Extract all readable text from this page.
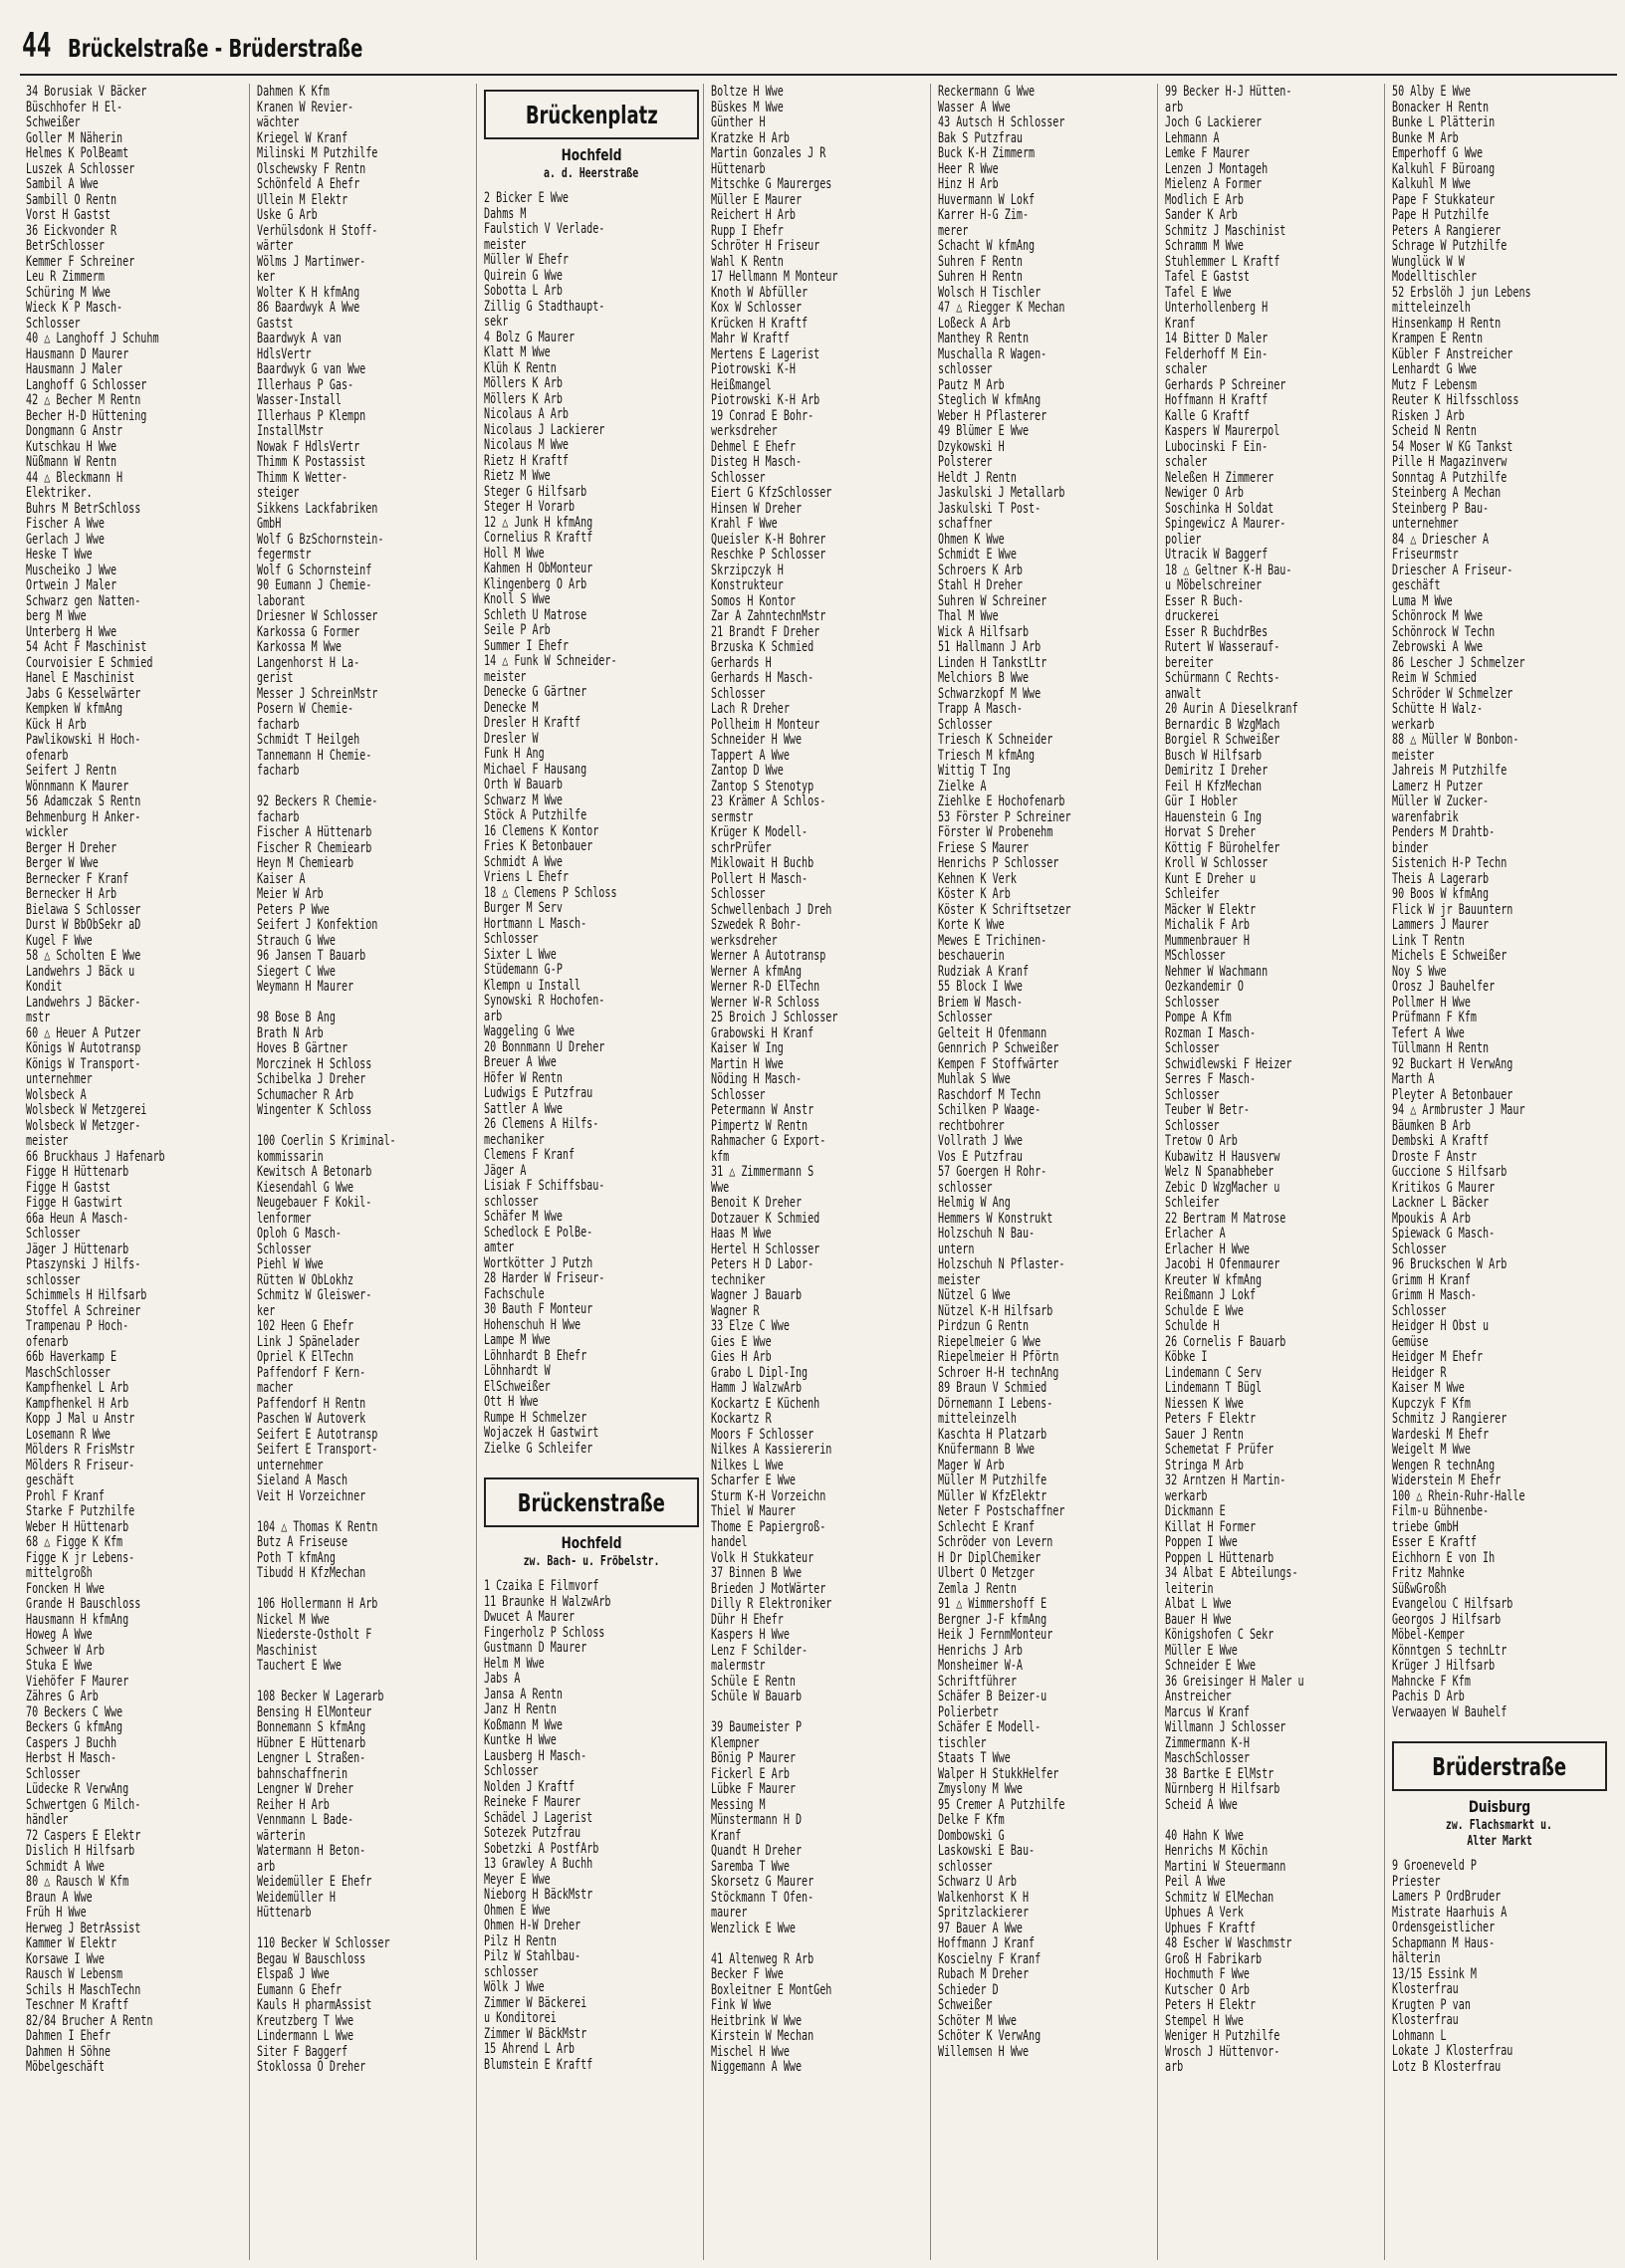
44 Brückelstraße - Brüderstraße
34 Borusiak V Bäcker
Büschhofer H El-
Schweißer
Goller M Näherin
Helmes K PolBeamt
Luszek A Schlosser
Sambil A Wwe
Sambill O Rentn
Vorst H Gastst
36 Eickvonder R
BetrSchlosser
Kemmer F Schreiner
Leu R Zimmerm
Schüring M Wwe
Wieck K P Masch-
Schlosser
40 △ Langhoff J Schuhm
Hausmann D Maurer
Hausmann J Maler
Langhoff G Schlosser
42 △ Becher M Rentn
Becher H-D Hüttening
Dongmann G Anstr
Kutschkau H Wwe
Nüßmann W Rentn
44 △ Bleckmann H
Elektriker.
Buhrs M BetrSchloss
Fischer A Wwe
Gerlach J Wwe
Heske T Wwe
Muscheiko J Wwe
Ortwein J Maler
Schwarz gen Natten-
berg M Wwe
Unterberg H Wwe
54 Acht F Maschinist
Courvoisier E Schmied
Hanel E Maschinist
Jabs G Kesselwärter
Kempken W kfmAng
Kück H Arb
Pawlikowski H Hoch-
ofenarb
Seifert J Rentn
Wönnmann K Maurer
56 Adamczak S Rentn
Behmenburg H Anker-
wickler
Berger H Dreher
Berger W Wwe
Bernecker F Kranf
Bernecker H Arb
Bielawa S Schlosser
Durst W BbObSekr aD
Kugel F Wwe
58 △ Scholten E Wwe
Landwehrs J Bäck u
Kondit
Landwehrs J Bäcker-
mstr
60 △ Heuer A Putzer
Königs W Autotransp
Königs W Transport-
unternehmer
Wolsbeck A
Wolsbeck W Metzgerei
Wolsbeck W Metzger-
meister
66 Bruckhaus J Hafenarb
Figge H Hüttenarb
Figge H Gastst
Figge H Gastwirt
66a Heun A Masch-
Schlosser
Jäger J Hüttenarb
Ptaszynski J Hilfs-
schlosser
Schimmels H Hilfsarb
Stoffel A Schreiner
Trampenau P Hoch-
ofenarb
66b Haverkamp E
MaschSchlosser
Kampfhenkel L Arb
Kampfhenkel H Arb
Kopp J Mal u Anstr
Losemann R Wwe
Mölders R FrisMstr
Mölders R Friseur-
geschäft
Prohl F Kranf
Starke F Putzhilfe
Weber H Hüttenarb
68 △ Figge K Kfm
Figge K jr Lebens-
mittelgroßh
Foncken H Wwe
Grande H Bauschloss
Hausmann H kfmAng
Howeg A Wwe
Schweer W Arb
Stuka E Wwe
Viehöfer F Maurer
Zähres G Arb
70 Beckers C Wwe
Beckers G kfmAng
Caspers J Buchh
Herbst H Masch-
Schlosser
Lüdecke R VerwAng
Schwertgen G Milch-
händler
72 Caspers E Elektr
Dislich H Hilfsarb
Schmidt A Wwe
80 △ Rausch W Kfm
Braun A Wwe
Früh H Wwe
Herweg J BetrAssist
Kammer W Elektr
Korsawe I Wwe
Rausch W Lebensm
Schils H MaschTechn
Teschner M Kraftf
82/84 Brucher A Rentn
Dahmen I Ehefr
Dahmen H Söhne
Möbelgeschäft
Dahmen K Kfm
Kranen W Revier-
wächter
Kriegel W Kranf
Milinski M Putzhilfe
Olschewsky F Rentn
Schönfeld A Ehefr
Ullein M Elektr
Uske G Arb
Verhülsdonk H Stoff-
wärter
Wölms J Martinwer-
ker
Wolter K H kfmAng
86 Baardwyk A Wwe
Gastst
Baardwyk A van
HdlsVertr
Baardwyk G van Wwe
Illerhaus P Gas-
Wasser-Install
Illerhaus P Klempn
InstallMstr
Nowak F HdlsVertr
Thimm K Postassist
Thimm K Wetter-
steiger
Sikkens Lackfabriken
GmbH
Wolf G BzSchornstein-
fegermstr
Wolf G Schornsteinf
90 Eumann J Chemie-
laborant
Driesner W Schlosser
Karkossa G Former
Karkossa M Wwe
Langenhorst H La-
gerist
Messer J SchreinMstr
Posern W Chemie-
facharb
Schmidt T Heilgeh
Tannemann H Chemie-
facharb
92 Beckers R Chemie-
facharb
Fischer A Hüttenarb
Fischer R Chemiearb
Heyn M Chemiearb
Kaiser A
Meier W Arb
Peters P Wwe
Seifert J Konfektion
Strauch G Wwe
96 Jansen T Bauarb
Siegert C Wwe
Weymann H Maurer
98 Bose B Ang
Brath N Arb
Hoves B Gärtner
Morczinek H Schloss
Schibelka J Dreher
Schumacher R Arb
Wingenter K Schloss
100 Coerlin S Kriminal-
kommissarin
Kewitsch A Betonarb
Kiesendahl G Wwe
Neugebauer F Kokil-
lenformer
Oploh G Masch-
Schlosser
Piehl W Wwe
Rütten W ObLokhz
Schmitz W Gleiswer-
ker
102 Heen G Ehefr
Link J Spänelader
Opriel K ElTechn
Paffendorf F Kern-
macher
Paffendorf H Rentn
Paschen W Autoverk
Seifert E Autotransp
Seifert E Transport-
unternehmer
Sieland A Masch
Veit H Vorzeichner
104 △ Thomas K Rentn
Butz A Friseuse
Poth T kfmAng
Tibudd H KfzMechan
106 Hollermann H Arb
Nickel M Wwe
Niederste-Ostholt F
Maschinist
Tauchert E Wwe
108 Becker W Lagerarb
Bensing H ElMonteur
Bonnemann S kfmAng
Hübner E Hüttenarb
Lengner L Straßen-
bahnschaffnerin
Lengner W Dreher
Reiher H Arb
Vennmann L Bade-
wärterin
Watermann H Beton-
arb
Weidemüller E Ehefr
Weidemüller H
Hüttenarb
110 Becker W Schlosser
Begau W Bauschloss
Elspaß J Wwe
Eumann G Ehefr
Kauls H pharmAssist
Kreutzberg T Wwe
Lindermann L Wwe
Siter F Baggerf
Stoklossa O Dreher
Brückenplatz
Hochfeld
a. d. Heerstraße
2 Bicker E Wwe
Dahms M
Faulstich V Verlade-
meister
Müller W Ehefr
Quirein G Wwe
Sobotta L Arb
Zillig G Stadthaupt-
sekr
4 Bolz G Maurer
Klatt M Wwe
Klüh K Rentn
Möllers K Arb
Möllers K Arb
Nicolaus A Arb
Nicolaus J Lackierer
Nicolaus M Wwe
Rietz H Kraftf
Rietz M Wwe
Steger G Hilfsarb
Steger H Vorarb
12 △ Junk H kfmAng
Cornelius R Kraftf
Holl M Wwe
Kahmen H ObMonteur
Klingenberg O Arb
Knoll S Wwe
Schleth U Matrose
Seile P Arb
Summer I Ehefr
14 △ Funk W Schneider-
meister
Denecke G Gärtner
Denecke M
Dresler H Kraftf
Dresler W
Funk H Ang
Michael F Hausang
Orth W Bauarb
Schwarz M Wwe
Stöck A Putzhilfe
16 Clemens K Kontor
Fries K Betonbauer
Schmidt A Wwe
Vriens L Ehefr
18 △ Clemens P Schloss
Burger M Serv
Hortmann L Masch-
Schlosser
Sixter L Wwe
Stüdemann G-P
Klempn u Install
Synowski R Hochofen-
arb
Waggeling G Wwe
20 Bonnmann U Dreher
Breuer A Wwe
Höfer W Rentn
Ludwigs E Putzfrau
Sattler A Wwe
26 Clemens A Hilfs-
mechaniker
Clemens F Kranf
Jäger A
Lisiak F Schiffsbau-
schlosser
Schäfer M Wwe
Schedlock E PolBe-
amter
Wortkötter J Putzh
28 Harder W Friseur-
Fachschule
30 Bauth F Monteur
Hohenschuh H Wwe
Lampe M Wwe
Löhnhardt B Ehefr
Löhnhardt W
ElSchweißer
Ott H Wwe
Rumpe H Schmelzer
Wojaczek H Gastwirt
Zielke G Schleifer
Brückenstraße
Hochfeld
zw. Bach- u. Fröbelstr.
1 Czaika E Filmvorf
11 Braunke H WalzwArb
Dwucet A Maurer
Fingerholz P Schloss
Gustmann D Maurer
Helm M Wwe
Jabs A
Jansa A Rentn
Janz H Rentn
Koßmann M Wwe
Kuntke H Wwe
Lausberg H Masch-
Schlosser
Nolden J Kraftf
Reineke F Maurer
Schädel J Lagerist
Sotezek Putzfrau
Sobetzki A PostfArb
13 Grawley A Buchh
Meyer E Wwe
Nieborg H BäckMstr
Ohmen E Wwe
Ohmen H-W Dreher
Pilz H Rentn
Pilz W Stahlbau-
schlosser
Wölk J Wwe
Zimmer W Bäckerei
u Konditorei
Zimmer W BäckMstr
15 Ahrend L Arb
Blumstein E Kraftf
Boltze H Wwe
Büskes M Wwe
Günther H
Kratzke H Arb
Martin Gonzales J R
Hüttenarb
Mitschke G Maurerges
Müller E Maurer
Reichert H Arb
Rupp I Ehefr
Schröter H Friseur
Wahl K Rentn
17 Hellmann M Monteur
Knoth W Abfüller
Kox W Schlosser
Krücken H Kraftf
Mahr W Kraftf
Mertens E Lagerist
Piotrowski K-H
Heißmangel
Piotrowski K-H Arb
19 Conrad E Bohr-
werksdreher
Dehmel E Ehefr
Disteg H Masch-
Schlosser
Eiert G KfzSchlosser
Hinsen W Dreher
Krahl F Wwe
Queisler K-H Bohrer
Reschke P Schlosser
Skrzipczyk H
Konstrukteur
Somos H Kontor
Zar A ZahntechnMstr
21 Brandt F Dreher
Brzuska K Schmied
Gerhards H
Gerhards H Masch-
Schlosser
Lach R Dreher
Pollheim H Monteur
Schneider H Wwe
Tappert A Wwe
Zantop D Wwe
Zantop S Stenotyp
23 Krämer A Schlos-
sermstr
Krüger K Modell-
schrPrüfer
Miklowait H Buchb
Pollert H Masch-
Schlosser
Schwellenbach J Dreh
Szwedek R Bohr-
werksdreher
Werner A Autotransp
Werner A kfmAng
Werner R-D ElTechn
Werner W-R Schloss
25 Broich J Schlosser
Grabowski H Kranf
Kaiser W Ing
Martin H Wwe
Nöding H Masch-
Schlosser
Petermann W Anstr
Pimpertz W Rentn
Rahmacher G Export-
kfm
31 △ Zimmermann S
Wwe
Benoit K Dreher
Dotzauer K Schmied
Haas M Wwe
Hertel H Schlosser
Peters H D Labor-
techniker
Wagner J Bauarb
Wagner R
33 Elze C Wwe
Gies E Wwe
Gies H Arb
Grabo L Dipl-Ing
Hamm J WalzwArb
Kockartz E Küchenh
Kockartz R
Moors F Schlosser
Nilkes A Kassiererin
Nilkes L Wwe
Scharfer E Wwe
Sturm K-H Vorzeichn
Thiel W Maurer
Thome E Papiergroß-
handel
Volk H Stukkateur
37 Binnen B Wwe
Brieden J MotWärter
Dilly R Elektroniker
Dühr H Ehefr
Kaspers H Wwe
Lenz F Schilder-
malermstr
Schüle E Rentn
Schüle W Bauarb
39 Baumeister P
Klempner
Bönig P Maurer
Fickerl E Arb
Lübke F Maurer
Messing M
Münstermann H D
Kranf
Quandt H Dreher
Saremba T Wwe
Skorsetz G Maurer
Stöckmann T Ofen-
maurer
Wenzlick E Wwe
41 Altenweg R Arb
Becker F Wwe
Boxleitner E MontGeh
Fink W Wwe
Heitbrink W Wwe
Kirstein W Mechan
Mischel H Wwe
Niggemann A Wwe
Reckermann G Wwe
Wasser A Wwe
43 Autsch H Schlosser
Bak S Putzfrau
Buck K-H Zimmerm
Heer R Wwe
Hinz H Arb
Huvermann W Lokf
Karrer H-G Zim-
merer
Schacht W kfmAng
Suhren F Rentn
Suhren H Rentn
Wolsch H Tischler
47 △ Riegger K Mechan
Loßeck A Arb
Manthey R Rentn
Muschalla R Wagen-
schlosser
Pautz M Arb
Steglich W kfmAng
Weber H Pflasterer
49 Blümer E Wwe
Dzykowski H
Polsterer
Heldt J Rentn
Jaskulski J Metallarb
Jaskulski T Post-
schaffner
Ohmen K Wwe
Schmidt E Wwe
Schroers K Arb
Stahl H Dreher
Suhren W Schreiner
Thal M Wwe
Wick A Hilfsarb
51 Hallmann J Arb
Linden H TankstLtr
Melchiors B Wwe
Schwarzkopf M Wwe
Trapp A Masch-
Schlosser
Triesch K Schneider
Triesch M kfmAng
Wittig T Ing
Zielke A
Ziehlke E Hochofenarb
53 Förster P Schreiner
Förster W Probenehm
Friese S Maurer
Henrichs P Schlosser
Kehnen K Verk
Köster K Arb
Köster K Schriftsetzer
Korte K Wwe
Mewes E Trichinen-
beschauerin
Rudziak A Kranf
55 Block I Wwe
Briem W Masch-
Schlosser
Gelteit H Ofenmann
Gennrich P Schweißer
Kempen F Stoffwärter
Muhlak S Wwe
Raschdorf M Techn
Schilken P Waage-
rechtbohrer
Vollrath J Wwe
Vos E Putzfrau
57 Goergen H Rohr-
schlosser
Helmig W Ang
Hemmers W Konstrukt
Holzschuh N Bau-
untern
Holzschuh N Pflaster-
meister
Nützel G Wwe
Nützel K-H Hilfsarb
Pirdzun G Rentn
Riepelmeier G Wwe
Riepelmeier H Pförtn
Schroer H-H technAng
89 Braun V Schmied
Dörnemann I Lebens-
mitteleinzelh
Kaschta H Platzarb
Knüfermann B Wwe
Mager W Arb
Müller M Putzhilfe
Müller W KfzElektr
Neter F Postschaffner
Schlecht E Kranf
Schröder von Levern
H Dr DiplChemiker
Ulbert O Metzger
Zemla J Rentn
91 △ Wimmershoff E
Bergner J-F kfmAng
Heik J FernmMonteur
Henrichs J Arb
Monsheimer W-A
Schriftführer
Schäfer B Beizer-u
Polierbetr
Schäfer E Modell-
tischler
Staats T Wwe
Walper H StukkHelfer
Zmyslony M Wwe
95 Cremer A Putzhilfe
Delke F Kfm
Dombowski G
Laskowski E Bau-
schlosser
Schwarz U Arb
Walkenhorst K H
Spritzlackierer
97 Bauer A Wwe
Hoffmann J Kranf
Koscielny F Kranf
Rubach M Dreher
Schieder D
Schweißer
Schöter M Wwe
Schöter K VerwAng
Willemsen H Wwe
99 Becker H-J Hütten-
arb
Joch G Lackierer
Lehmann A
Lemke F Maurer
Lenzen J Montageh
Mielenz A Former
Modlich E Arb
Sander K Arb
Schmitz J Maschinist
Schramm M Wwe
Stuhlemmer L Kraftf
Tafel E Gastst
Tafel E Wwe
Unterhollenberg H
Kranf
14 Bitter D Maler
Felderhoff M Ein-
schaler
Gerhards P Schreiner
Hoffmann H Kraftf
Kalle G Kraftf
Kaspers W Maurerpol
Lubocinski F Ein-
schaler
Neleßen H Zimmerer
Newiger O Arb
Soschinka H Soldat
Spingewicz A Maurer-
polier
Utracik W Baggerf
18 △ Geltner K-H Bau-
u Möbelschreiner
Esser R Buch-
druckerei
Esser R BuchdrBes
Rutert W Wasserauf-
bereiter
Schürmann C Rechts-
anwalt
20 Aurin A Dieselkranf
Bernardic B WzgMach
Borgiel R Schweißer
Busch W Hilfsarb
Demiritz I Dreher
Feil H KfzMechan
Gür I Hobler
Hauenstein G Ing
Horvat S Dreher
Köttig F Bürohelfer
Kroll W Schlosser
Kunt E Dreher u
Schleifer
Mäcker W Elektr
Michalik F Arb
Mummenbrauer H
MSchlosser
Nehmer W Wachmann
Oezkandemir O
Schlosser
Pompe A Kfm
Rozman I Masch-
Schlosser
Schwidlewski F Heizer
Serres F Masch-
Schlosser
Teuber W Betr-
Schlosser
Tretow O Arb
Kubawitz H Hausverw
Welz N Spanabheber
Zebic D WzgMacher u
Schleifer
22 Bertram M Matrose
Erlacher A
Erlacher H Wwe
Jacobi H Ofenmaurer
Kreuter W kfmAng
Reißmann J Lokf
Schulde E Wwe
Schulde H
26 Cornelis F Bauarb
Köbke I
Lindemann C Serv
Lindemann T Bügl
Niessen K Wwe
Peters F Elektr
Sauer J Rentn
Schemetat F Prüfer
Stringa M Arb
32 Arntzen H Martin-
werkarb
Dickmann E
Killat H Former
Poppen I Wwe
Poppen L Hüttenarb
34 Albat E Abteilungs-
leiterin
Albat L Wwe
Bauer H Wwe
Königshofen C Sekr
Müller E Wwe
Schneider E Wwe
36 Greisinger H Maler u
Anstreicher
Marcus W Kranf
Willmann J Schlosser
Zimmermann K-H
MaschSchlosser
38 Bartke E ElMstr
Nürnberg H Hilfsarb
Scheid A Wwe
40 Hahn K Wwe
Henrichs M Köchin
Martini W Steuermann
Peil A Wwe
Schmitz W ElMechan
Uphues A Verk
Uphues F Kraftf
48 Escher W Waschmstr
Groß H Fabrikarb
Hochmuth F Wwe
Kutscher O Arb
Peters H Elektr
Stempel H Wwe
Weniger H Putzhilfe
Wrosch J Hüttenvor-
arb
50 Alby E Wwe
Bonacker H Rentn
Bunke L Plätterin
Bunke M Arb
Emperhoff G Wwe
Kalkuhl F Büroang
Kalkuhl M Wwe
Pape F Stukkateur
Pape H Putzhilfe
Peters A Rangierer
Schrage W Putzhilfe
Wunglück W W
Modelltischler
52 Erbslöh J jun Lebens
mitteleinzelh
Hinsenkamp H Rentn
Krampen E Rentn
Kübler F Anstreicher
Lenhardt G Wwe
Mutz F Lebensm
Reuter K Hilfsschloss
Risken J Arb
Scheid N Rentn
54 Moser W KG Tankst
Pille H Magazinverw
Sonntag A Putzhilfe
Steinberg A Mechan
Steinberg P Bau-
unternehmer
84 △ Driescher A
Friseurmstr
Driescher A Friseur-
geschäft
Luma M Wwe
Schönrock M Wwe
Schönrock W Techn
Zebrowski A Wwe
86 Lescher J Schmelzer
Reim W Schmied
Schröder W Schmelzer
Schütte H Walz-
werkarb
88 △ Müller W Bonbon-
meister
Jahreis M Putzhilfe
Lamerz H Putzer
Müller W Zucker-
warenfabrik
Penders M Drahtb-
binder
Sistenich H-P Techn
Theis A Lagerarb
90 Boos W kfmAng
Flick W jr Bauuntern
Lammers J Maurer
Link T Rentn
Michels E Schweißer
Noy S Wwe
Orosz J Bauhelfer
Pollmer H Wwe
Prüfmann F Kfm
Tefert A Wwe
Tüllmann H Rentn
92 Buckart H VerwAng
Marth A
Pleyter A Betonbauer
94 △ Armbruster J Maur
Bäumken B Arb
Dembski A Kraftf
Droste F Anstr
Guccione S Hilfsarb
Kritikos G Maurer
Lackner L Bäcker
Mpoukis A Arb
Spiewack G Masch-
Schlosser
96 Bruckschen W Arb
Grimm H Kranf
Grimm H Masch-
Schlosser
Heidger H Obst u
Gemüse
Heidger M Ehefr
Heidger R
Kaiser M Wwe
Kupczyk F Kfm
Schmitz J Rangierer
Wardeski M Ehefr
Weigelt M Wwe
Wengen R technAng
Widerstein M Ehefr
100 △ Rhein-Ruhr-Halle
Film-u Bühnenbe-
triebe GmbH
Esser E Kraftf
Eichhorn E von Ih
Fritz Mahnke
SüßwGroßh
Evangelou C Hilfsarb
Georgos J Hilfsarb
Möbel-Kemper
Könntgen S technLtr
Krüger J Hilfsarb
Mahncke F Kfm
Pachis D Arb
Verwaayen W Bauhelf
Brüderstraße
Duisburg
zw. Flachsmarkt u.
Alter Markt
9 Groeneveld P
Priester
Lamers P OrdBruder
Mistrate Haarhuis A
Ordensgeistlicher
Schapmann M Haus-
hälterin
13/15 Essink M
Klosterfrau
Krugten P van
Klosterfrau
Lohmann L
Lokate J Klosterfrau
Lotz B Klosterfrau
